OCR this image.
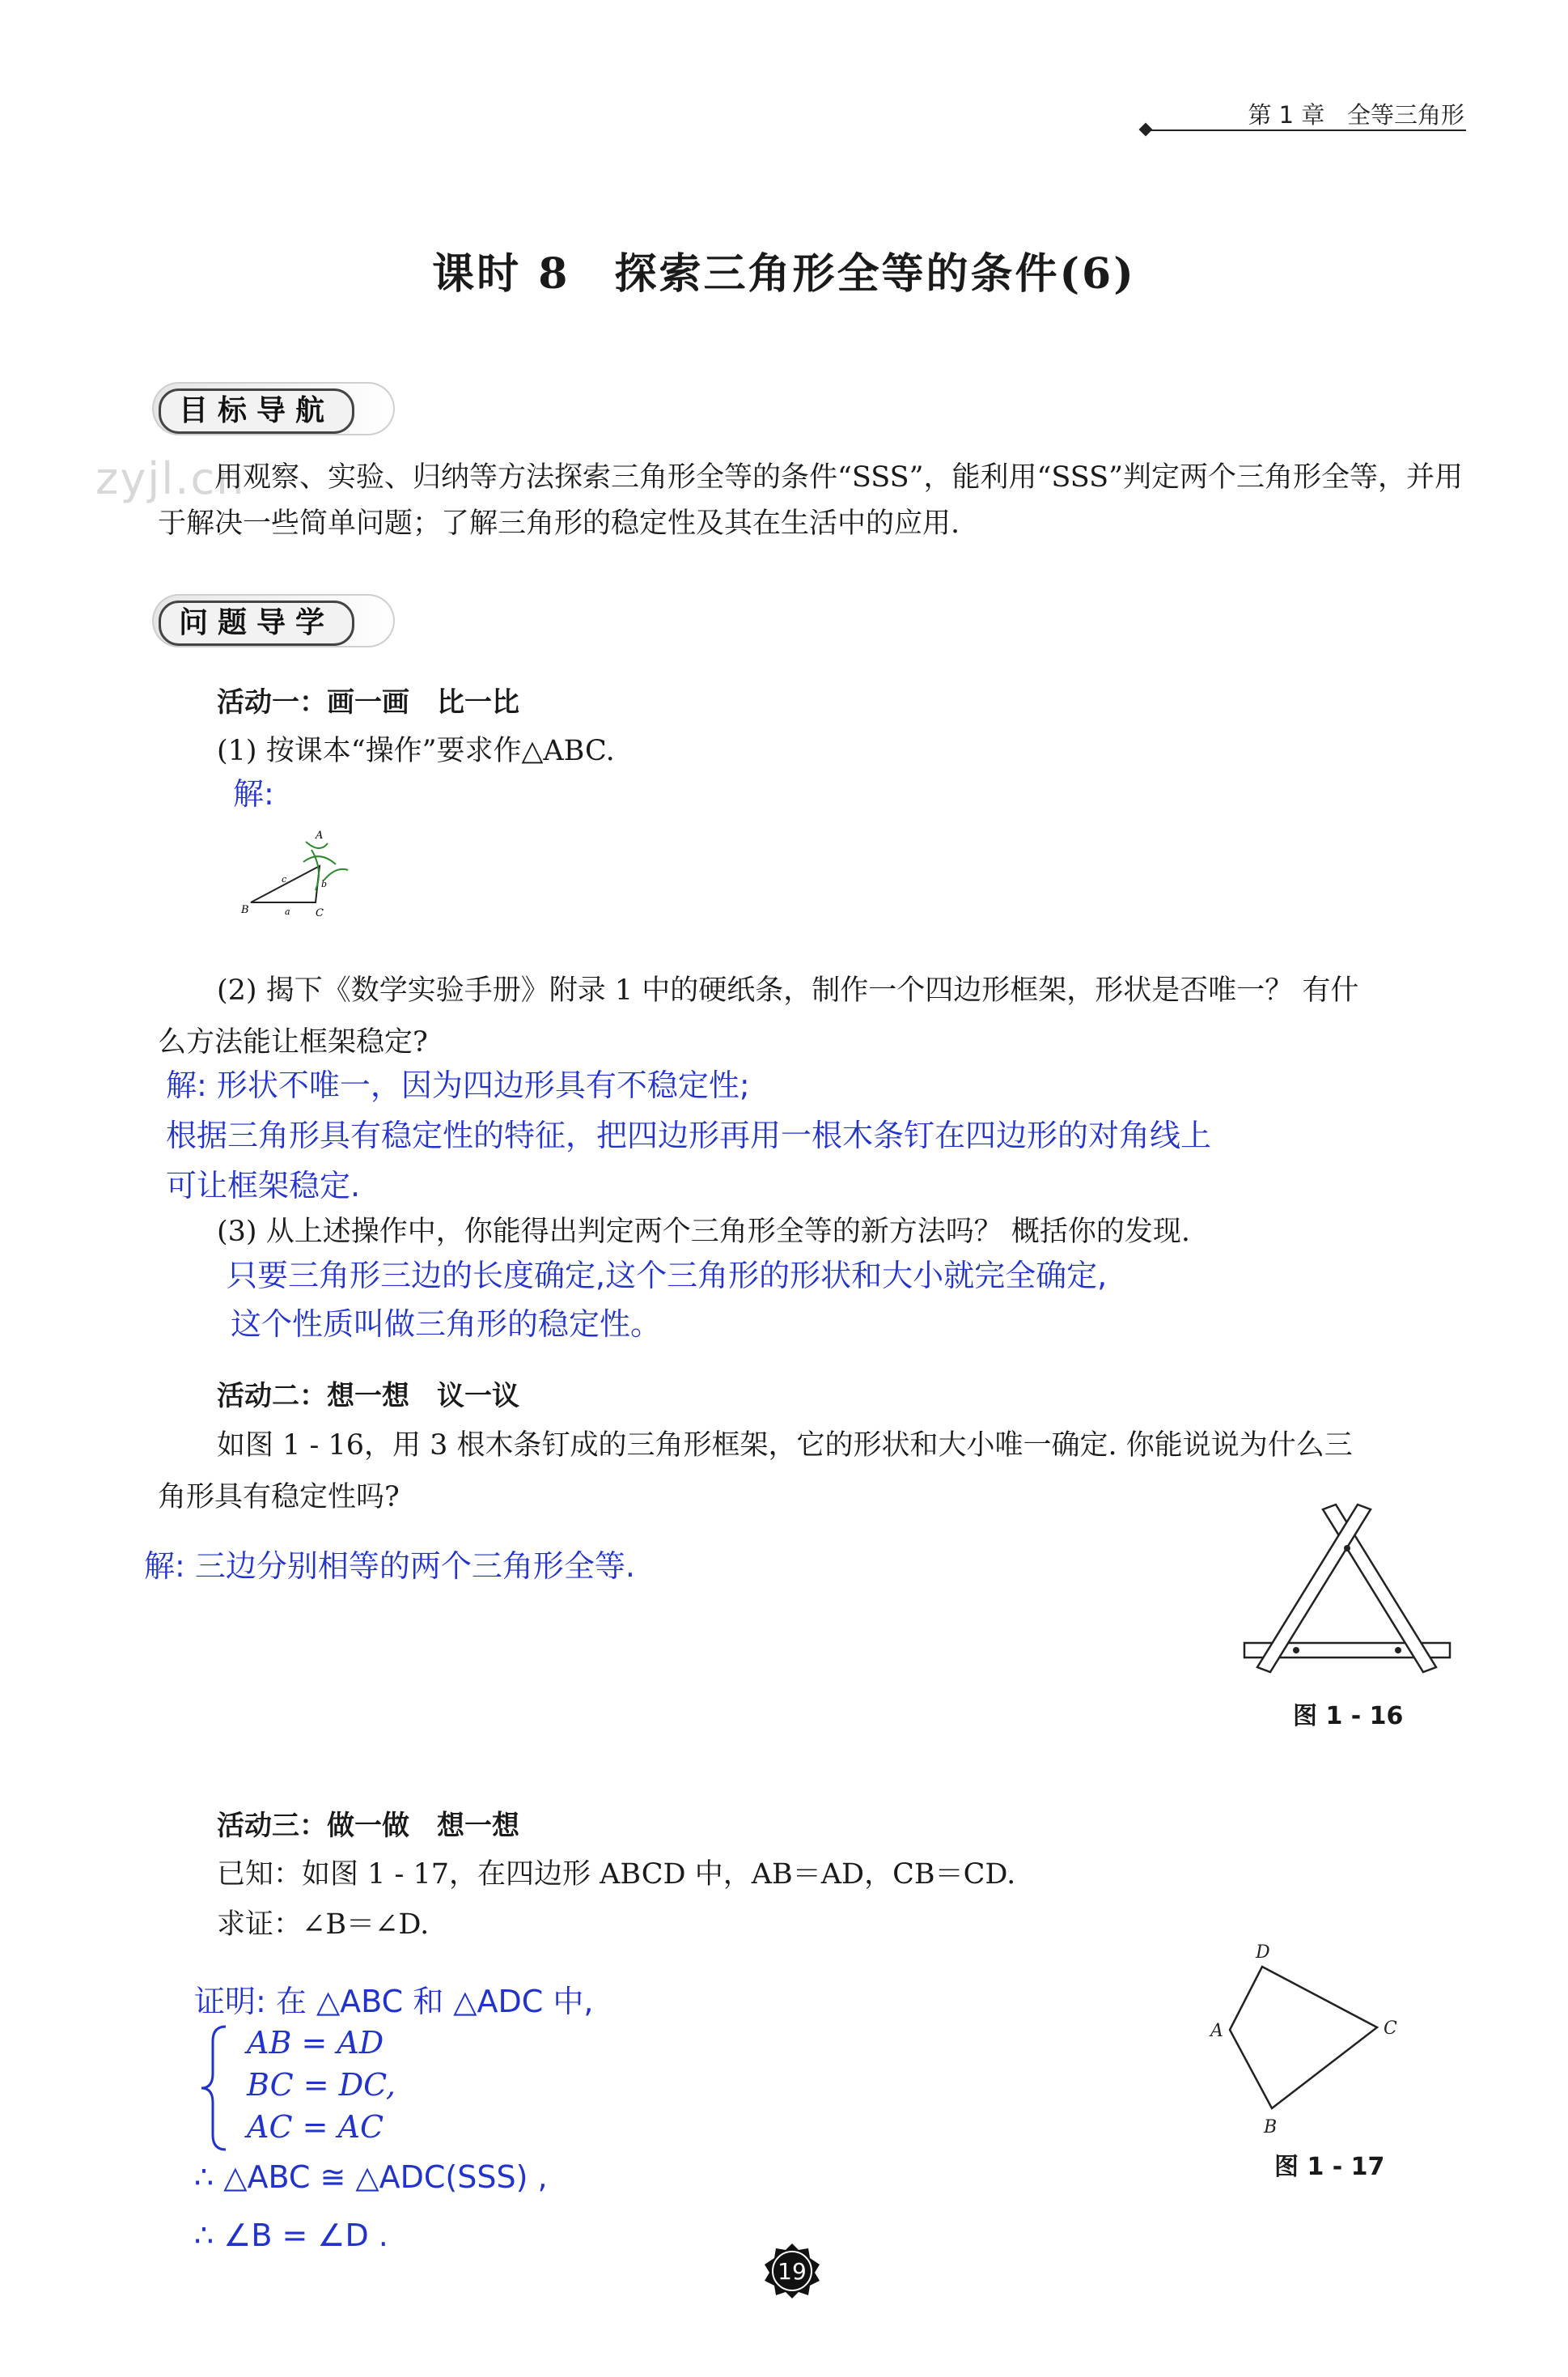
第 1 章 全等三角形
课时 8　探索三角形全等的条件(6)
目标导航
zyjl.cn
用观察、实验、归纳等方法探索三角形全等的条件“SSS”，能利用“SSS”判定两个三角形全等，并用于解决一些简单问题；了解三角形的稳定性及其在生活中的应用.
问题导学
活动一：画一画　比一比
(1) 按课本“操作”要求作△ABC.
解:
A
B	C
a
b
c
(2) 揭下《数学实验手册》附录 1 中的硬纸条，制作一个四边形框架，形状是否唯一？ 有什
么方法能让框架稳定?
解: 形状不唯一，因为四边形具有不稳定性;
根据三角形具有稳定性的特征，把四边形再用一根木条钉在四边形的对角线上
可让框架稳定.
(3) 从上述操作中，你能得出判定两个三角形全等的新方法吗？ 概括你的发现.
只要三角形三边的长度确定,这个三角形的形状和大小就完全确定,
这个性质叫做三角形的稳定性。
活动二：想一想　议一议
如图 1 - 16，用 3 根木条钉成的三角形框架，它的形状和大小唯一确定. 你能说说为什么三
角形具有稳定性吗?
解: 三边分别相等的两个三角形全等.
图 1 - 16
活动三：做一做　想一想
已知：如图 1 - 17，在四边形 ABCD 中，AB＝AD，CB＝CD.
求证：∠B＝∠D.
证明: 在 △ABC 和 △ADC 中,
AB = AD
BC = DC,
AC = AC
∴ △ABC ≅ △ADC(SSS) ,
∴ ∠B = ∠D .
D
A	C
B
图 1 - 17
19
